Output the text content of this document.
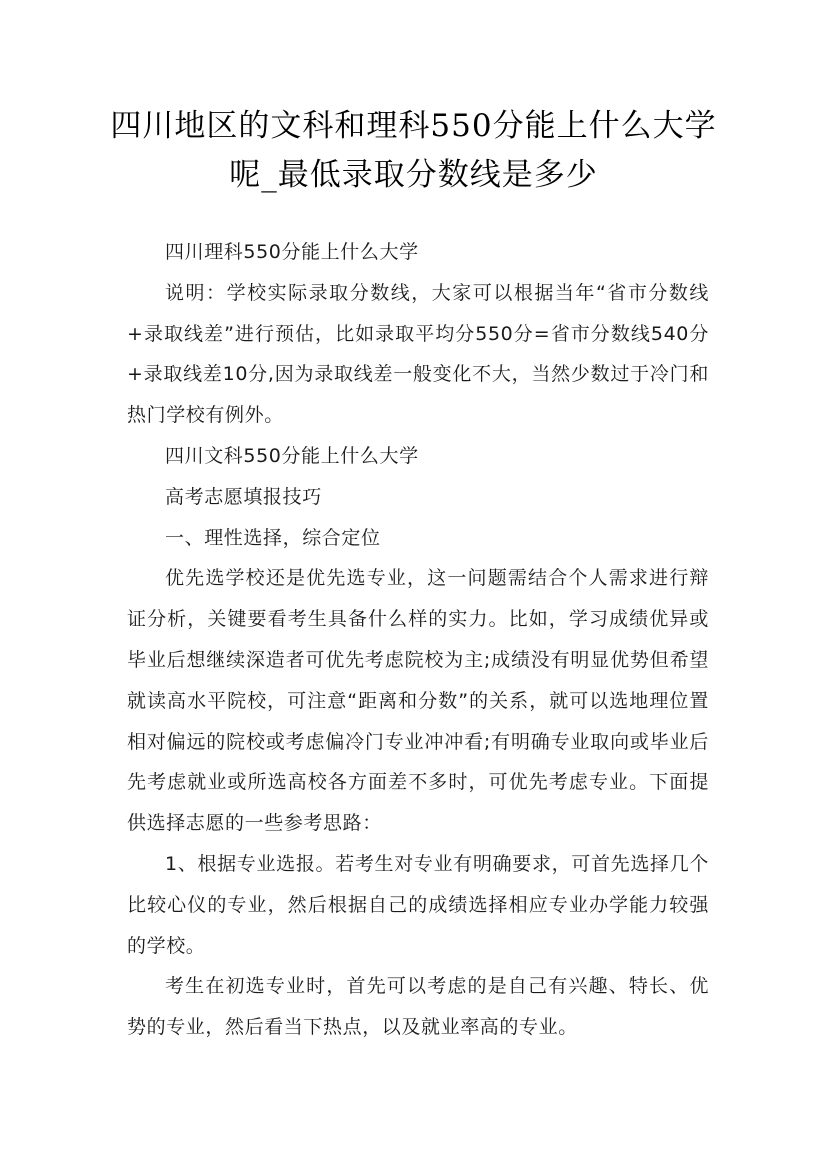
四川地区的文科和理科550分能上什么大学呢_最低录取分数线是多少

四川理科550分能上什么大学

说明：学校实际录取分数线，大家可以根据当年“省市分数线+录取线差”进行预估，比如录取平均分550分=省市分数线540分+录取线差10分,因为录取线差一般变化不大，当然少数过于冷门和热门学校有例外。

四川文科550分能上什么大学

高考志愿填报技巧

一、理性选择，综合定位

优先选学校还是优先选专业，这一问题需结合个人需求进行辩证分析，关键要看考生具备什么样的实力。比如，学习成绩优异或毕业后想继续深造者可优先考虑院校为主;成绩没有明显优势但希望就读高水平院校，可注意“距离和分数”的关系，就可以选地理位置相对偏远的院校或考虑偏冷门专业冲冲看;有明确专业取向或毕业后先考虑就业或所选高校各方面差不多时，可优先考虑专业。下面提供选择志愿的一些参考思路：

1、根据专业选报。若考生对专业有明确要求，可首先选择几个比较心仪的专业，然后根据自己的成绩选择相应专业办学能力较强的学校。

考生在初选专业时，首先可以考虑的是自己有兴趣、特长、优势的专业，然后看当下热点，以及就业率高的专业。
